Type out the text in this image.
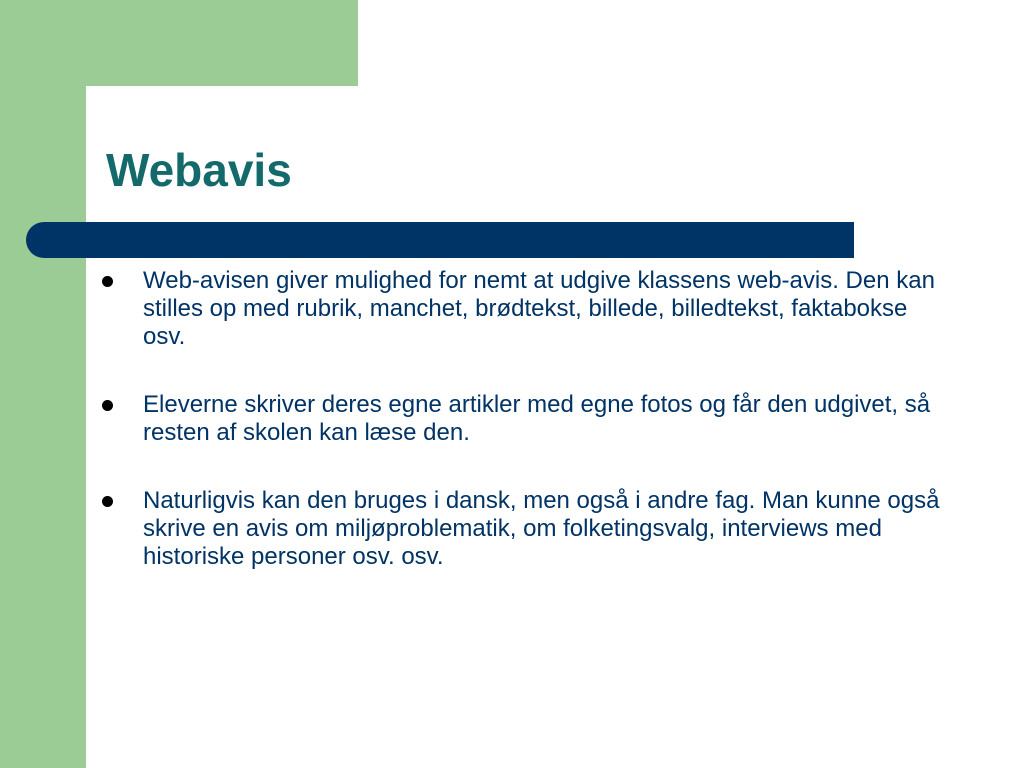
Webavis
Web-avisen giver mulighed for nemt at udgive klassens web-avis. Den kan stilles op med rubrik, manchet, brødtekst, billede, billedtekst, faktabokse osv.
Eleverne skriver deres egne artikler med egne fotos og får den udgivet, så resten af skolen kan læse den.
Naturligvis kan den bruges i dansk, men også i andre fag. Man kunne også skrive en avis om miljøproblematik, om folketingsvalg, interviews med historiske personer osv. osv.
